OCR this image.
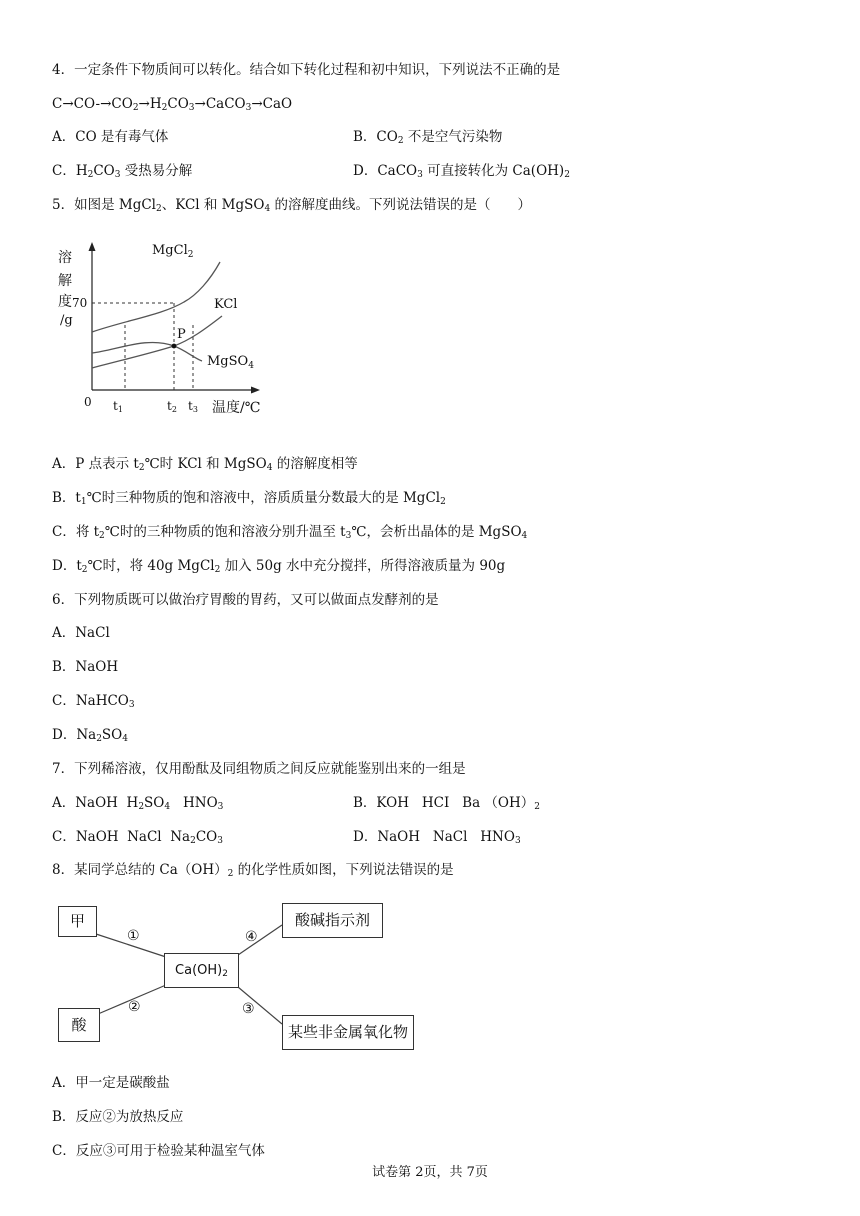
4．一定条件下物质间可以转化。结合如下转化过程和初中知识，下列说法不正确的是
$C\to CO-\to CO_2\to H_2CO_3\to CaCO_3\to CaO$
A．CO 是有毒气体	B．$CO_2$ 不是空气污染物
C．$H_2CO_3$ 受热易分解	D．CaCO$_3$ 可直接转化为 $Ca(OH)_2$
5．如图是 MgCl$_2$、KCl 和 MgSO$_4$ 的溶解度曲线。下列说法错误的是（　　）
溶
解
度
/g
70
0
MgCl$_2$
KCl
MgSO$_4$
P
t1	t2 t3 温度/℃
A．P 点表示 $t_2℃$时 KCl 和 MgSO$_4$ 的溶解度相等
B．$t_1℃$时三种物质的饱和溶液中，溶质质量分数最大的是 MgCl$_2$
C．将 $t_2℃$时的三种物质的饱和溶液分别升温至 $t_3℃$，会析出晶体的是 MgSO$_4$
D．$t_2℃$时，将 40g MgCl$_2$ 加入 50g 水中充分搅拌，所得溶液质量为 90g
6．下列物质既可以做治疗胃酸的胃药，又可以做面点发酵剂的是
A．NaCl
B．NaOH
C．NaHCO$_3$
D．$Na_2SO_4$
7．下列稀溶液，仅用酚酞及同组物质之间反应就能鉴别出来的一组是
A．NaOH  $H_2SO_4$   $HNO_3$	B．KOH   HCI   Ba $(OH)_2$
C．NaOH  NaCl  $Na_2CO_3$	D．NaOH   NaCl   $HNO_3$
8．某同学总结的 $Ca(OH)_2$ 的化学性质如图，下列说法错误的是
甲
酸
$Ca(OH)_2$
酸碱指示剂
某些非金属氧化物
①
②	③
④
A．甲一定是碳酸盐
B．反应②为放热反应
C．反应③可用于检验某种温室气体
试卷第 2页，共 7页
